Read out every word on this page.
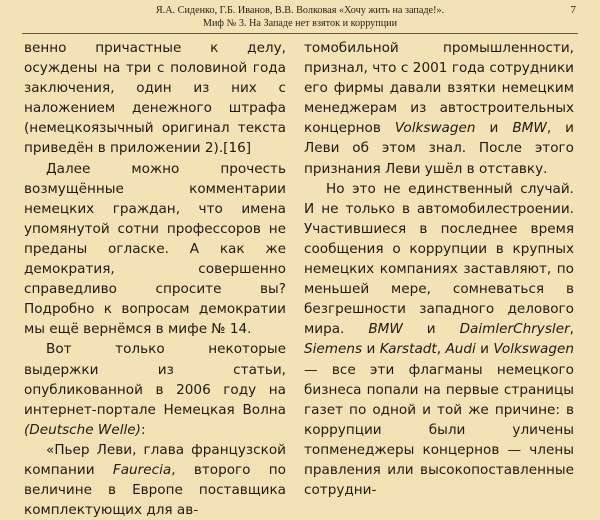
Я.А. Сиденко, Г.Б. Иванов, В.В. Волковая «Хочу жить на западе!».
Миф № 3. На Западе нет взяток и коррупции
7

венно причастные к делу, осуждены на три с половиной года заключения, один из них с наложением денежного штрафа (немецкоязычный оригинал текста приведён в приложении 2).[16]

Далее можно прочесть возмущённые комментарии немецких граждан, что имена упомянутой сотни профессоров не преданы огласке. А как же демократия, совершенно справедливо спросите вы? Подробно к вопросам демократии мы ещё вернёмся в мифе № 14.

Вот только некоторые выдержки из статьи, опубликованной в 2006 году на интернет-портале Немецкая Волна (Deutsche Welle):

«Пьер Леви, глава французской компании Faurecia, второго по величине в Европе поставщика комплектующих для ав-

томобильной промышленности, признал, что с 2001 года сотрудники его фирмы давали взятки немецким менеджерам из автостроительных концернов Volkswagen и BMW, и Леви об этом знал. После этого признания Леви ушёл в отставку.

Но это не единственный случай. И не только в автомобилестроении. Участившиеся в последнее время сообщения о коррупции в крупных немецких компаниях заставляют, по меньшей мере, сомневаться в безгрешности западного делового мира. BMW и DaimlerChrysler, Siemens и Karstadt, Audi и Volkswagen — все эти флагманы немецкого бизнеса попали на первые страницы газет по одной и той же причине: в коррупции были уличены топменеджеры концернов — члены правления или высокопоставленные сотрудни-
